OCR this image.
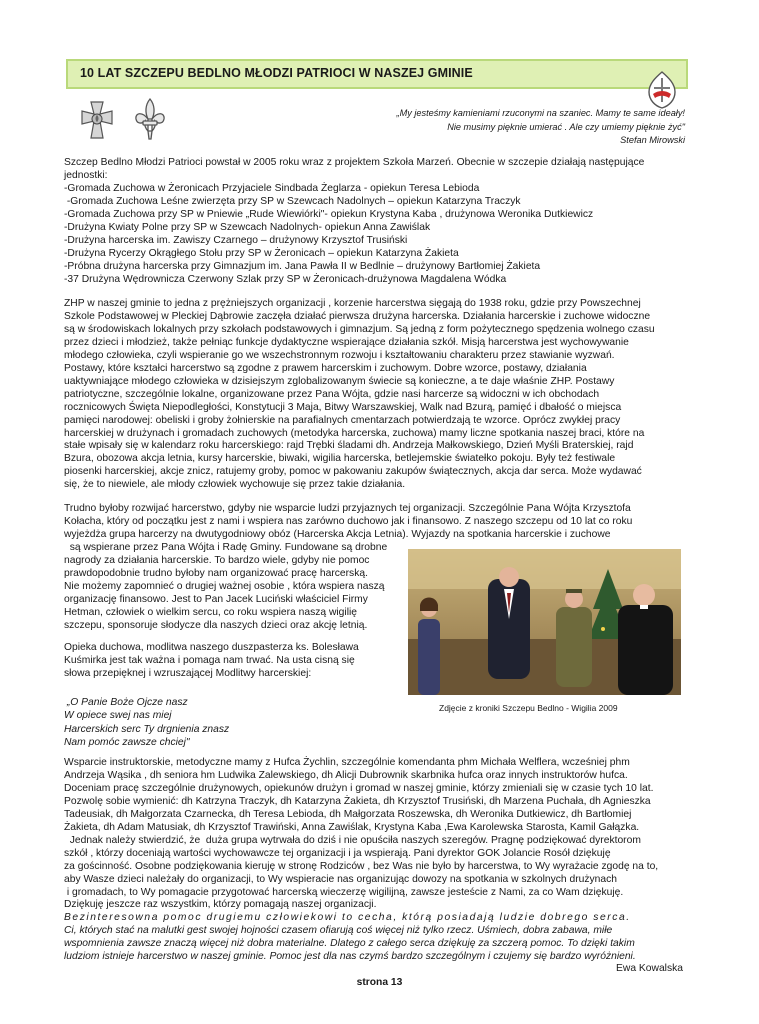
10 LAT SZCZEPU BEDLNO MŁODZI PATRIOCI W NASZEJ GMINIE
„My jesteśmy kamieniami rzuconymi na szaniec. Mamy te same ideały!
Nie musimy pięknie umierać . Ale czy umiemy pięknie żyć"
Stefan Mirowski
Szczep Bedlno Młodzi Patrioci powstał w 2005 roku wraz z projektem Szkoła Marzeń. Obecnie w szczepie działają następujące
jednostki:
-Gromada Zuchowa w Żeronicach Przyjaciele Sindbada Żeglarza - opiekun Teresa Lebioda
-Gromada Zuchowa Leśne zwierzęta przy SP w Szewcach Nadolnych – opiekun Katarzyna Traczyk
-Gromada Zuchowa przy SP w Pniewie „Rude Wiewiórki"- opiekun Krystyna Kaba , drużynowa Weronika Dutkiewicz
-Drużyna Kwiaty Polne przy SP w Szewcach Nadolnych- opiekun Anna Zawiślak
-Drużyna harcerska im. Zawiszy Czarnego – drużynowy Krzysztof Trusiński
-Drużyna Rycerzy Okrągłego Stołu przy SP w Żeronicach – opiekun Katarzyna Żakieta
-Próbna drużyna harcerska przy Gimnazjum im. Jana Pawła II w Bedlnie – drużynowy Bartłomiej Żakieta
-37 Drużyna Wędrownicza Czerwony Szlak przy SP w Żeronicach-drużynowa Magdalena Wódka
ZHP w naszej gminie to jedna z prężniejszych organizacji , korzenie harcerstwa sięgają do 1938 roku, gdzie przy Powszechnej
Szkole Podstawowej w Pleckiej Dąbrowie zaczęła działać pierwsza drużyna harcerska. Działania harcerskie i zuchowe widoczne
są w środowiskach lokalnych przy szkołach podstawowych i gimnazjum. Są jedną z form pożytecznego spędzenia wolnego czasu
przez dzieci i młodzież, także pełniąc funkcje dydaktyczne wspierające działania szkół. Misją harcerstwa jest wychowywanie
młodego człowieka, czyli wspieranie go we wszechstronnym rozwoju i kształtowaniu charakteru przez stawianie wyzwań.
Postawy, które kształci harcerstwo są zgodne z prawem harcerskim i zuchowym. Dobre wzorce, postawy, działania
uaktywniające młodego człowieka w dzisiejszym zglobalizowanym świecie są konieczne, a te daje właśnie ZHP. Postawy
patriotyczne, szczególnie lokalne, organizowane przez Pana Wójta, gdzie nasi harcerze są widoczni w ich obchodach
rocznicowych Święta Niepodległości, Konstytucji 3 Maja, Bitwy Warszawskiej, Walk nad Bzurą, pamięć i dbałość o miejsca
pamięci narodowej: obeliski i groby żołnierskie na parafialnych cmentarzach potwierdzają te wzorce. Oprócz zwykłej pracy
harcerskiej w drużynach i gromadach zuchowych (metodyka harcerska, zuchowa) mamy liczne spotkania naszej braci, które na
stałe wpisały się w kalendarz roku harcerskiego: rajd Trębki śladami dh. Andrzeja Małkowskiego, Dzień Myśli Braterskiej, rajd
Bzura, obozowa akcja letnia, kursy harcerskie, biwaki, wigilia harcerska, betlejemskie światełko pokoju. Były też festiwale
piosenki harcerskiej, akcje znicz, ratujemy groby, pomoc w pakowaniu zakupów świątecznych, akcja dar serca. Może wydawać
się, że to niewiele, ale młody człowiek wychowuje się przez takie działania.
Trudno byłoby rozwijać harcerstwo, gdyby nie wsparcie ludzi przyjaznych tej organizacji. Szczególnie Pana Wójta Krzysztofa
Kołacha, który od początku jest z nami i wspiera nas zarówno duchowo jak i finansowo. Z naszego szczepu od 10 lat co roku
wyjeżdża grupa harcerzy na dwutygodniowy obóz (Harcerska Akcja Letnia). Wyjazdy na spotkania harcerskie i zuchowe
są wspierane przez Pana Wójta i Radę Gminy. Fundowane są drobne
nagrody za działania harcerskie. To bardzo wiele, gdyby nie pomoc
prawdopodobnie trudno byłoby nam organizować pracę harcerską.
Nie możemy zapomnieć o drugiej ważnej osobie , która wspiera naszą
organizację finansowo. Jest to Pan Jacek Luciński właściciel Firmy
Hetman, człowiek o wielkim sercu, co roku wspiera naszą wigilię
szczepu, sponsoruje słodycze dla naszych dzieci oraz akcję letnią.
Zdjęcie z kroniki Szczepu Bedlno - Wigilia 2009
Opieka duchowa, modlitwa naszego duszpasterza ks. Bolesława
Kuśmirka jest tak ważna i pomaga nam trwać. Na usta cisną się
słowa przepięknej i wzruszającej Modlitwy harcerskiej:
„O Panie Boże Ojcze nasz
W opiece swej nas miej
Harcerskich serc Ty drgnienia znasz
Nam pomóc zawsze chciej"
Wsparcie instruktorskie, metodyczne mamy z Hufca Żychlin, szczególnie komendanta phm Michała Welflera, wcześniej phm
Andrzeja Wąsika , dh seniora hm Ludwika Zalewskiego, dh Alicji Dubrownik skarbnika hufca oraz innych instruktorów hufca.
Doceniam pracę szczególnie drużynowych, opiekunów drużyn i gromad w naszej gminie, którzy zmieniali się w czasie tych 10 lat.
Pozwolę sobie wymienić: dh Katrzyna Traczyk, dh Katarzyna Żakieta, dh Krzysztof Trusiński, dh Marzena Puchała, dh Agnieszka
Tadeusiak, dh Małgorzata Czarnecka, dh Teresa Lebioda, dh Małgorzata Roszewska, dh Weronika Dutkiewicz, dh Bartłomiej
Żakieta, dh Adam Matusiak, dh Krzysztof Trawiński, Anna Zawiślak, Krystyna Kaba ,Ewa Karolewska Starosta, Kamil Gałązka.
Jednak należy stwierdzić, że  duża grupa wytrwała do dziś i nie opuściła naszych szeregów. Pragnę podziękować dyrektorom
szkół , którzy doceniają wartości wychowawcze tej organizacji i ja wspierają. Pani dyrektor GOK Jolancie Rosół dziękuję
za gościnność. Osobne podziękowania kieruję w stronę Rodziców , bez Was nie było by harcerstwa, to Wy wyrażacie zgodę na to,
aby Wasze dzieci należały do organizacji, to Wy wspieracie nas organizując dowozy na spotkania w szkolnych drużynach
i gromadach, to Wy pomagacie przygotować harcerską wieczerzę wigilijną, zawsze jesteście z Nami, za co Wam dziękuję.
Dziękuję jeszcze raz wszystkim, którzy pomagają naszej organizacji.
Bezinteresowna pomoc drugiemu człowiekowi to cecha, którą posiadają ludzie dobrego serca.
Ci, których stać na malutki gest swojej hojności czasem ofiarują coś więcej niż tylko rzecz. Uśmiech, dobra zabawa, miłe
wspomnienia zawsze znaczą więcej niż dobra materialne. Dlatego z całego serca dziękuję za szczerą pomoc. To dzięki takim
ludziom istnieje harcerstwo w naszej gminie. Pomoc jest dla nas czymś bardzo szczególnym i czujemy się bardzo wyróżnieni.
Ewa Kowalska
strona 13
